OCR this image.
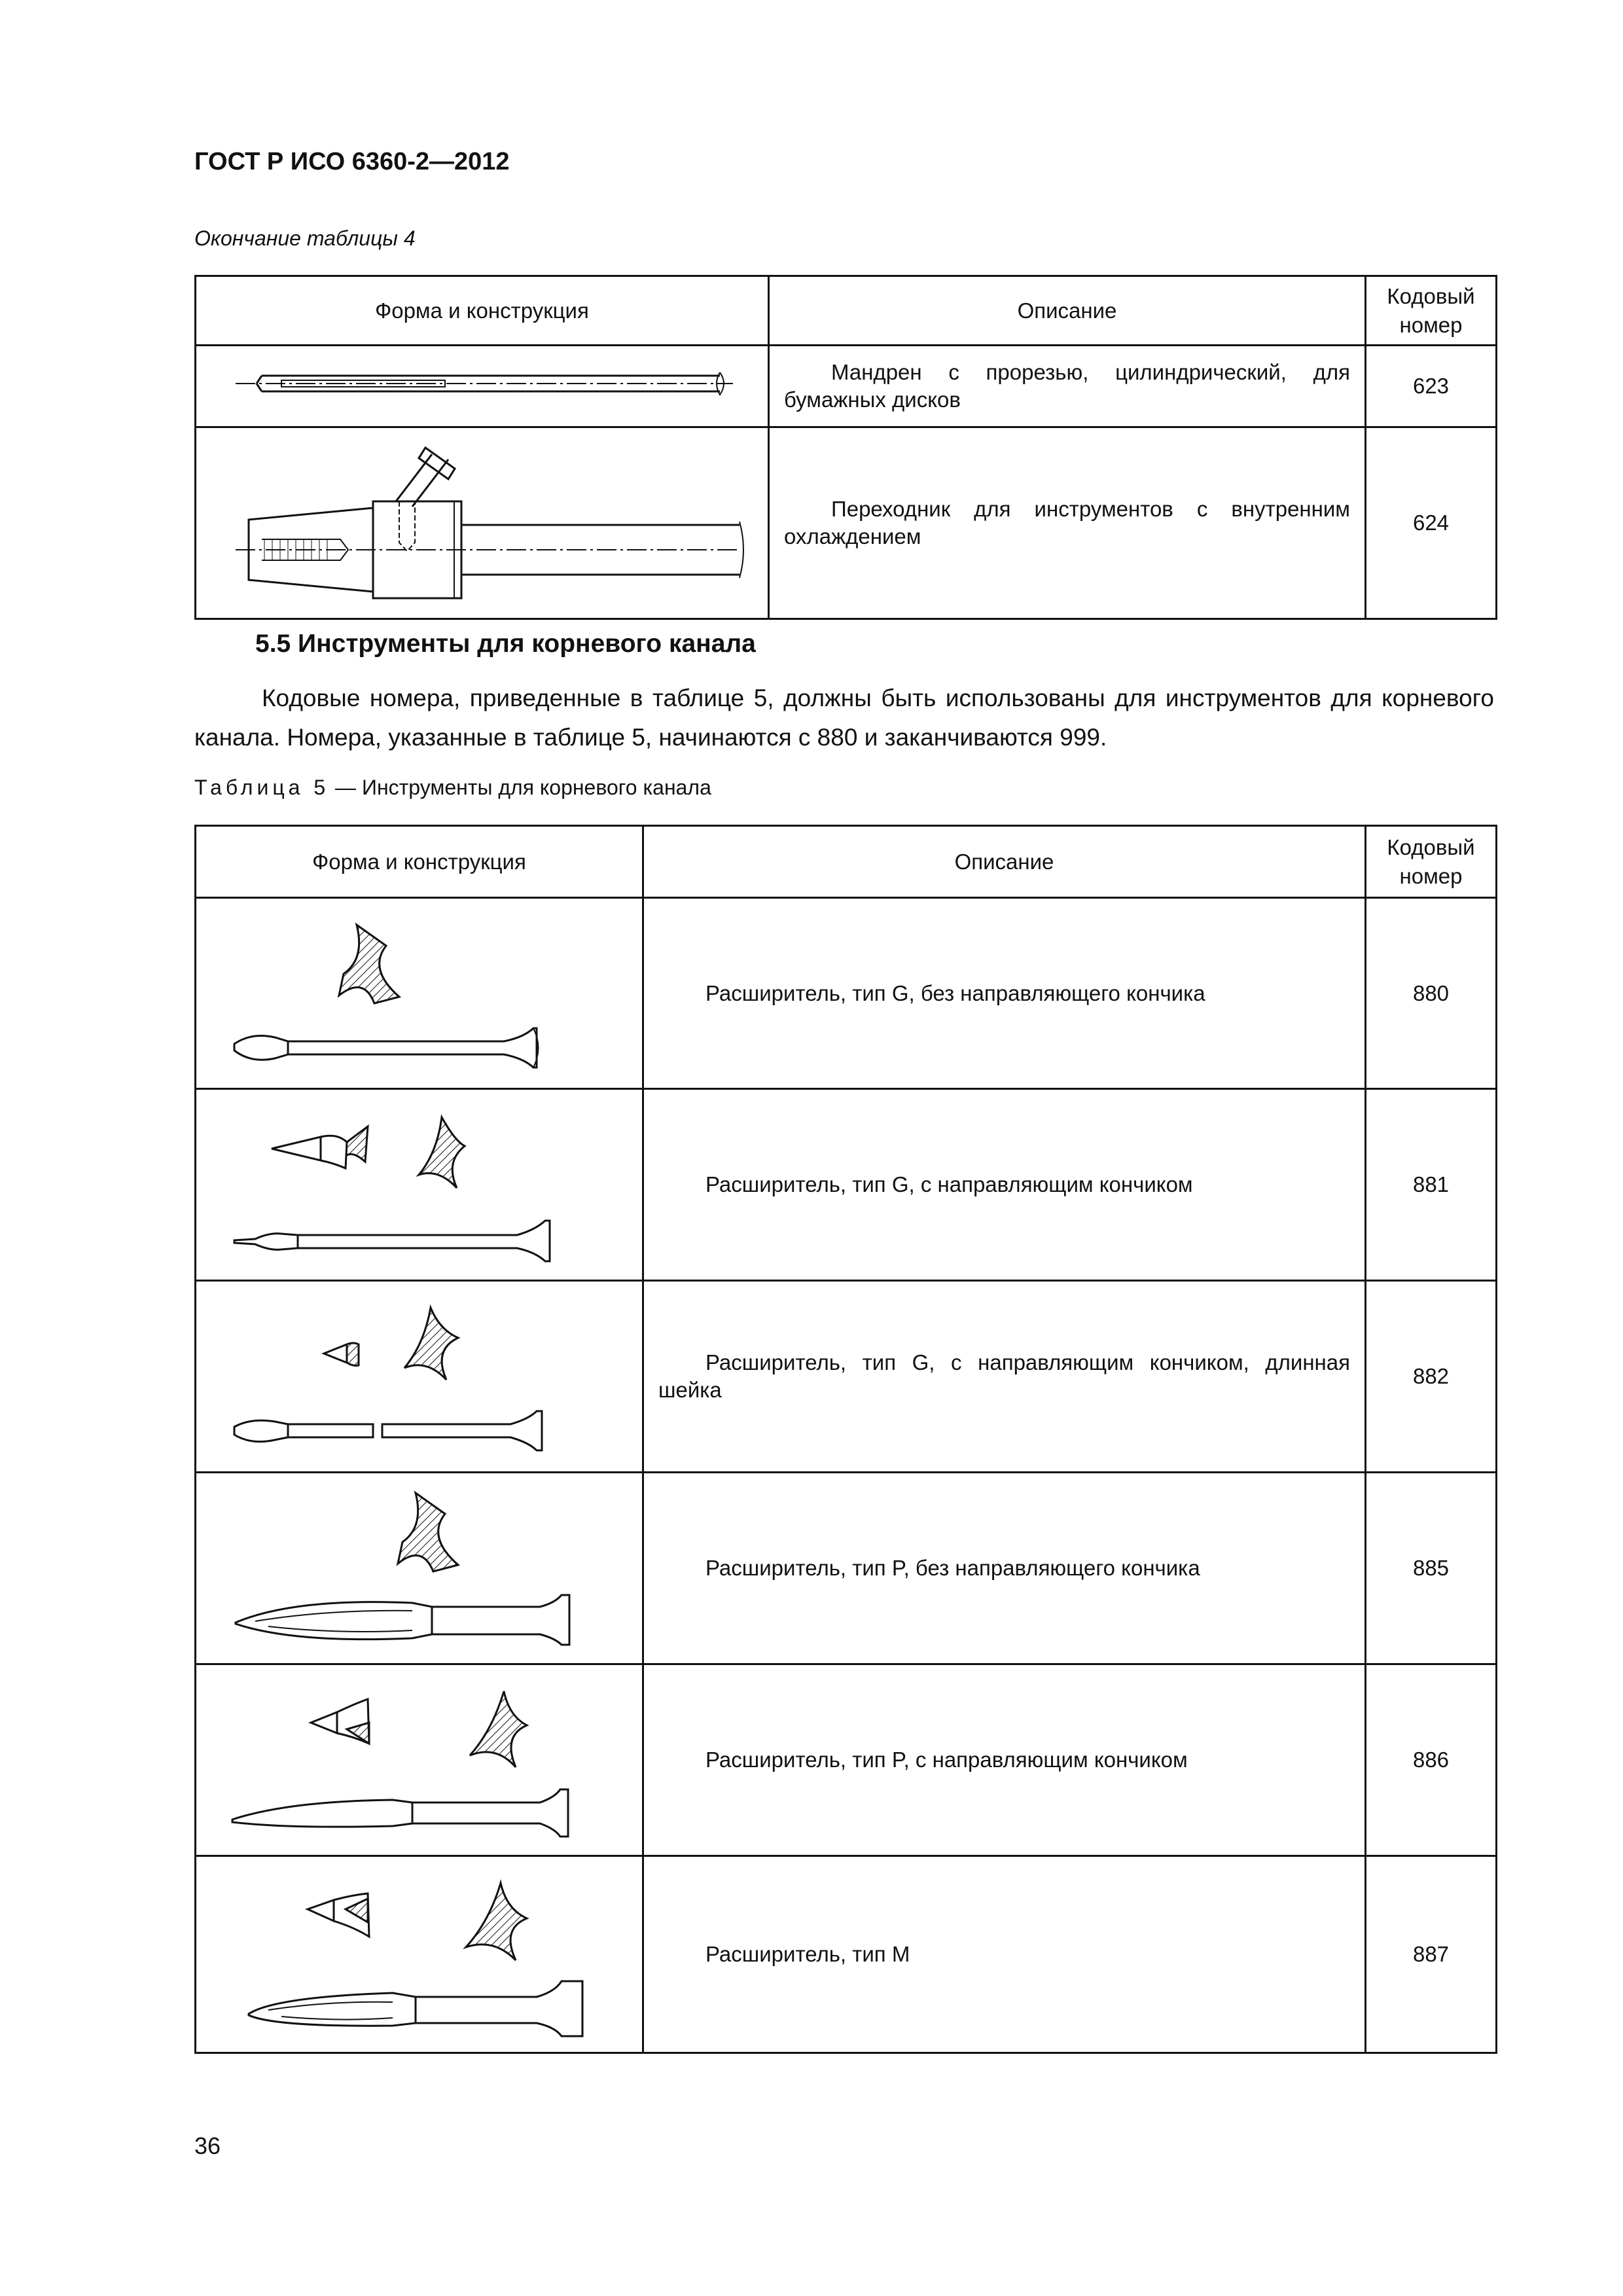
ГОСТ Р ИСО 6360-2—2012
Окончание таблицы 4
Форма и конструкция	Описание	Кодовый номер
	Мандрен с прорезью, цилиндрический, для бумажных дисков	623
	Переходник для инструментов с внутренним охлаждением	624
5.5 Инструменты для корневого канала

Кодовые номера, приведенные в таблице 5, должны быть использованы для инструментов для корневого канала. Номера, указанные в таблице 5, начинаются с 880 и заканчиваются 999.

Таблица 5 — Инструменты для корневого канала
Форма и конструкция	Описание	Кодовый номер
	Расширитель, тип G, без направляющего кончика	880
	Расширитель, тип G, с направляющим кончиком	881
	Расширитель, тип G, с направляющим кончиком, длинная шейка	882
	Расширитель, тип P, без направляющего кончика	885
	Расширитель, тип P, с направляющим кончиком	886
	Расширитель, тип M	887
36
